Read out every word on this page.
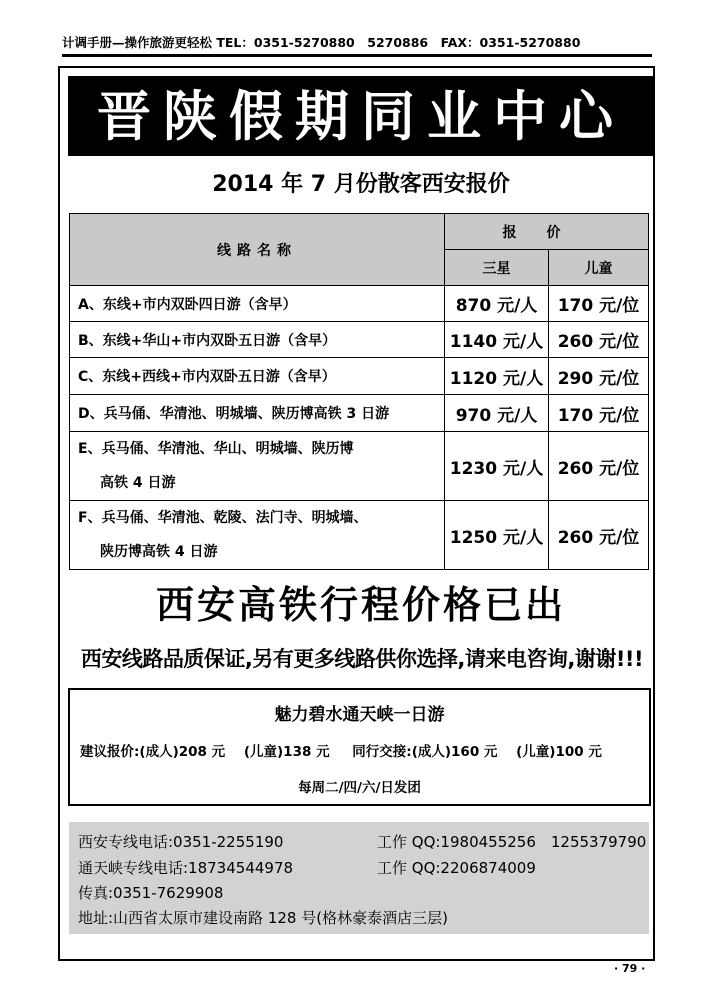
计调手册—操作旅游更轻松 TEL：0351-5270880　5270886　FAX：0351-5270880
晋陕假期同业中心
2014 年 7 月份散客西安报价
线路名称	报价	
	三星	儿童
A、东线+市内双卧四日游（含早）	870 元/人	170 元/位
B、东线+华山+市内双卧五日游（含早）	1140 元/人	260 元/位
C、东线+西线+市内双卧五日游（含早）	1120 元/人	290 元/位
D、兵马俑、华清池、明城墙、陕历博高铁 3 日游	970 元/人	170 元/位

E、兵马俑、华清池、华山、明城墙、陕历博
高铁 4 日游	1230 元/人	260 元/位

F、兵马俑、华清池、乾陵、法门寺、明城墙、
陕历博高铁 4 日游	1250 元/人	260 元/位
西安高铁行程价格已出
西安线路品质保证,另有更多线路供你选择,请来电咨询,谢谢!!!
魅力碧水通天峡一日游
建议报价:(成人)208 元 (儿童)138 元 同行交接:(成人)160 元 (儿童)100 元
每周二/四/六/日发团
西安专线电话:0351-2255190	工作 QQ:1980455256　1255379790
通天峡专线电话:18734544978	工作 QQ:2206874009
传真:0351-7629908
地址:山西省太原市建设南路 128 号(格林豪泰酒店三层)
· 79 ·
